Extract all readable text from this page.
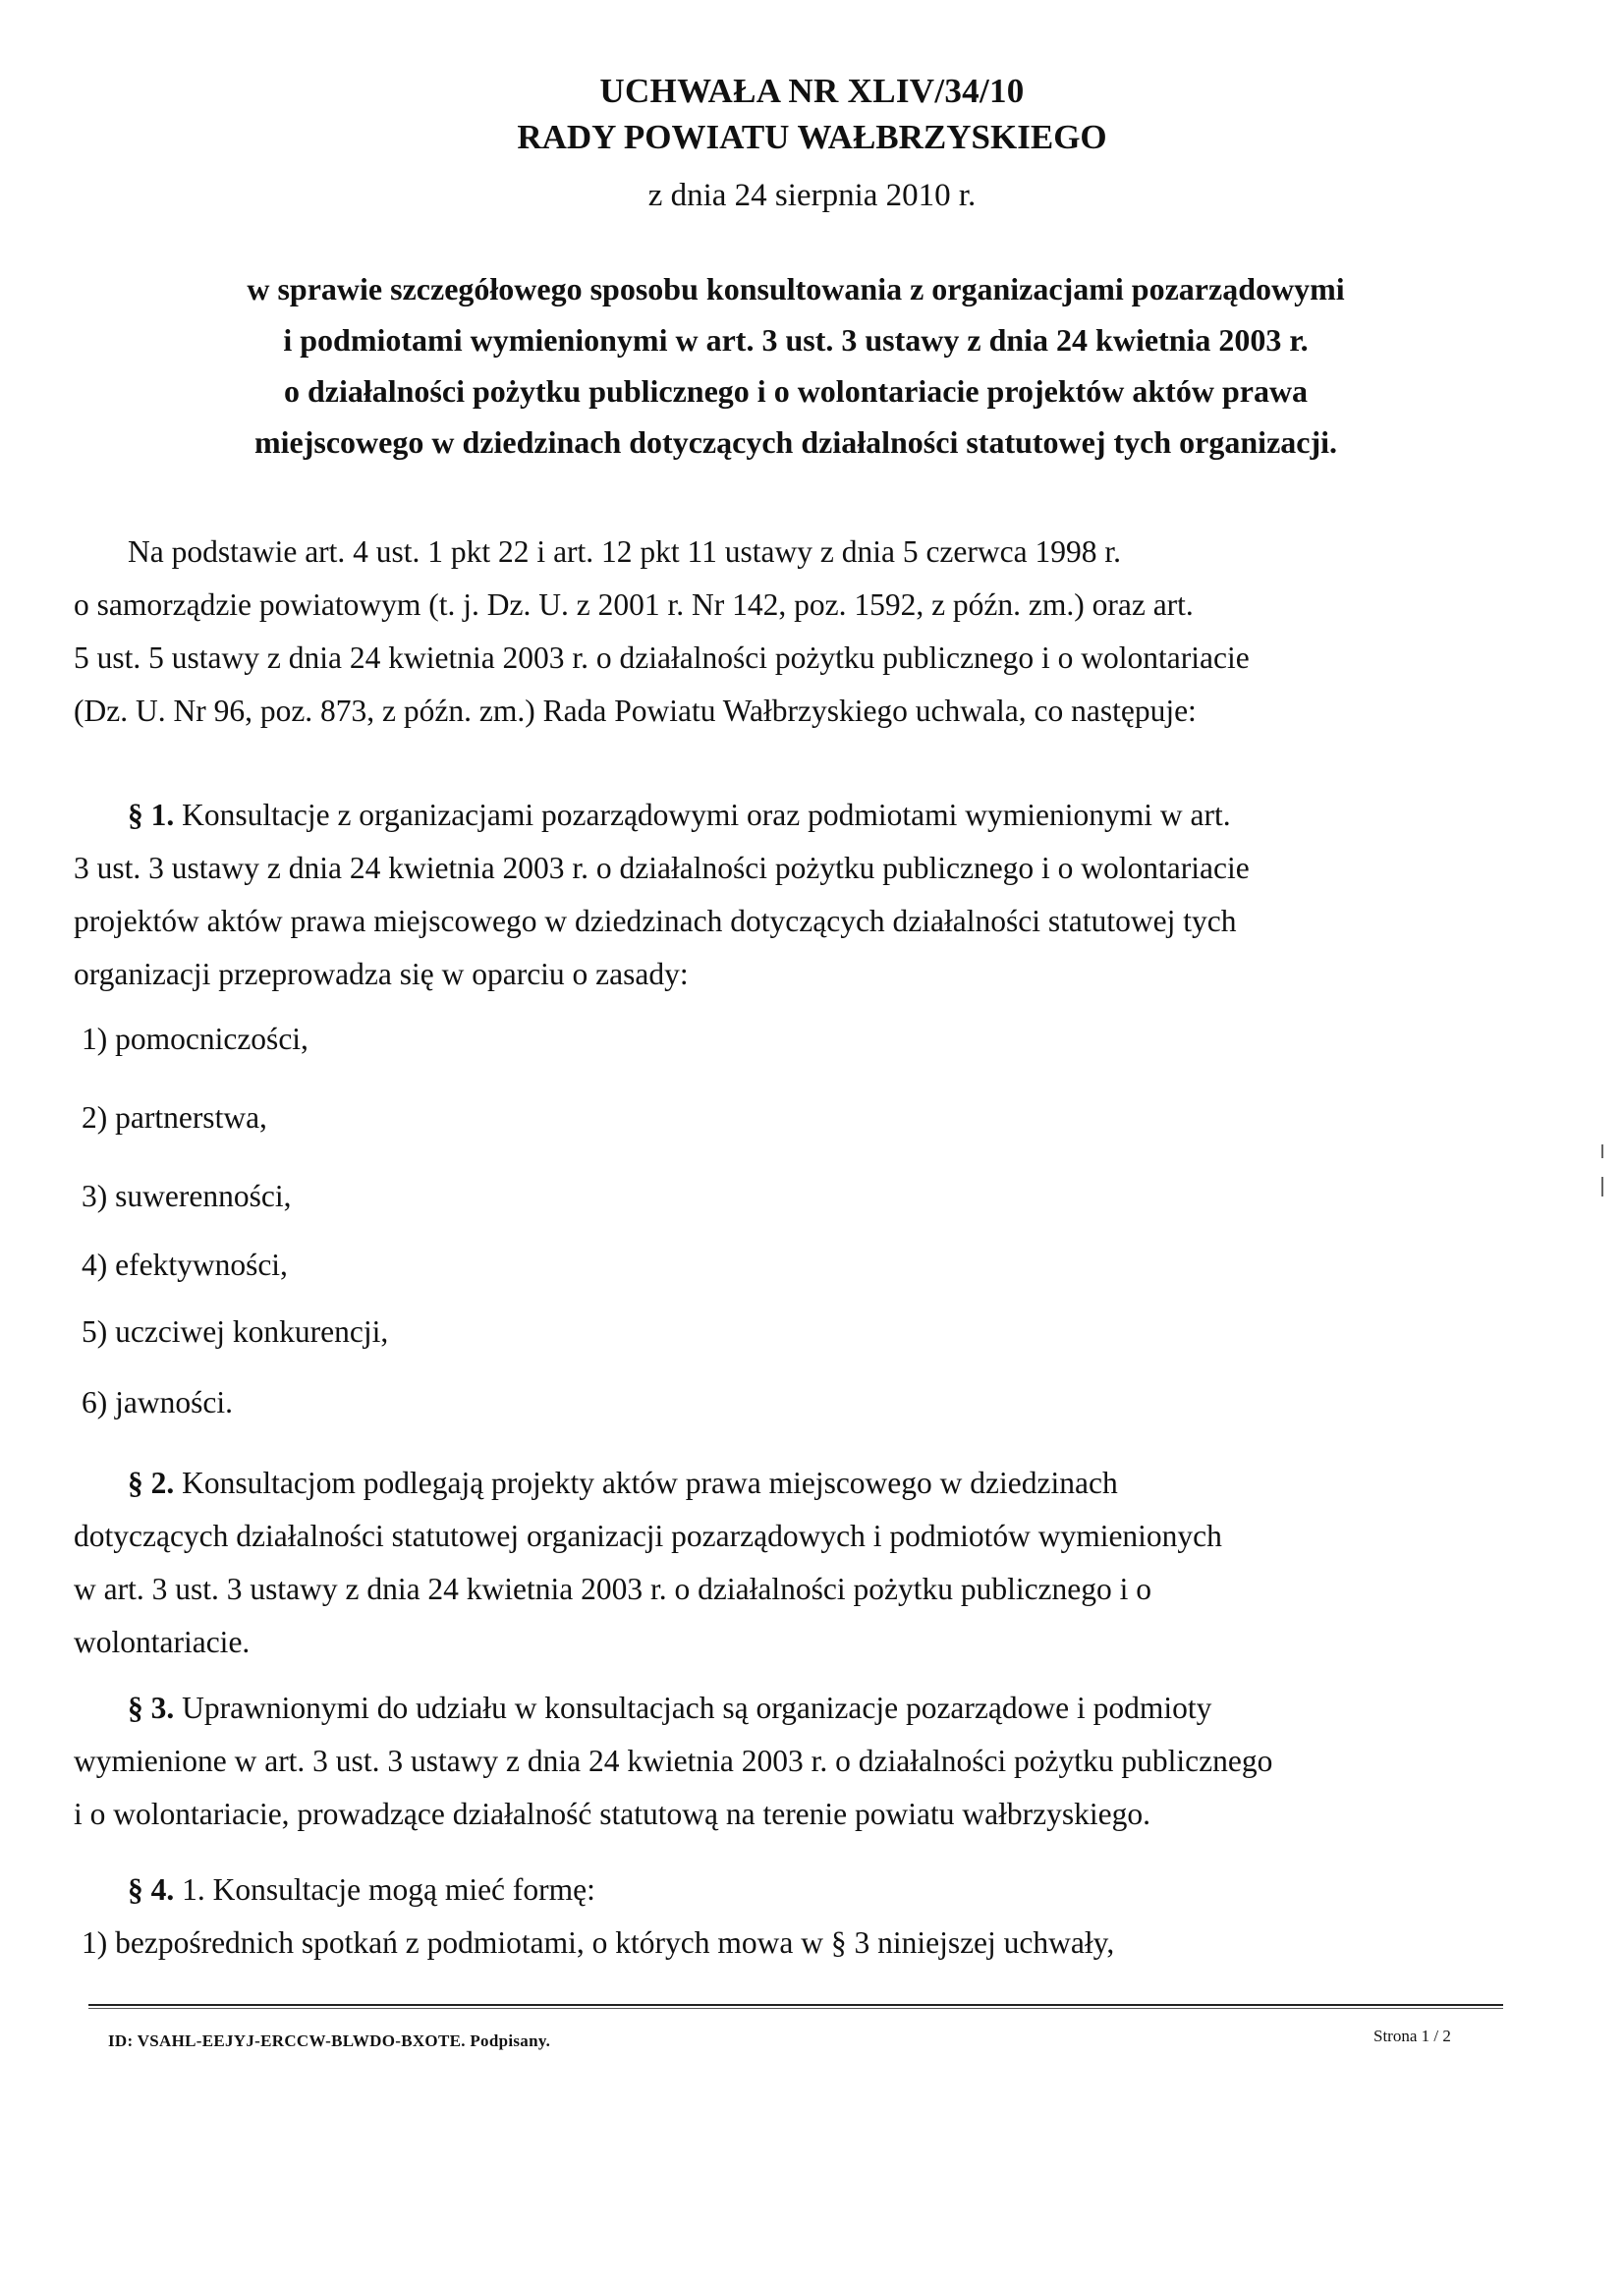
UCHWAŁA NR XLIV/34/10
RADY POWIATU WAŁBRZYSKIEGO
z dnia 24 sierpnia 2010 r.
w sprawie szczegółowego sposobu konsultowania z organizacjami pozarządowymi
i podmiotami wymienionymi w art. 3 ust. 3 ustawy z dnia 24 kwietnia 2003 r.
o działalności pożytku publicznego i o wolontariacie projektów aktów prawa
miejscowego w dziedzinach dotyczących działalności statutowej tych organizacji.
Na podstawie art. 4 ust. 1 pkt 22 i art. 12 pkt 11 ustawy z dnia 5 czerwca 1998 r.
o samorządzie powiatowym (t. j. Dz. U. z 2001 r. Nr 142, poz. 1592, z późn. zm.) oraz art.
5 ust. 5 ustawy z dnia 24 kwietnia 2003 r. o działalności pożytku publicznego i o wolontariacie
(Dz. U. Nr 96, poz. 873, z późn. zm.) Rada Powiatu Wałbrzyskiego uchwala, co następuje:
§ 1. Konsultacje z organizacjami pozarządowymi oraz podmiotami wymienionymi w art.
3 ust. 3 ustawy z dnia 24 kwietnia 2003 r. o działalności pożytku publicznego i o wolontariacie
projektów aktów prawa miejscowego w dziedzinach dotyczących działalności statutowej tych
organizacji przeprowadza się w oparciu o zasady:
1) pomocniczości,
2) partnerstwa,
3) suwerenności,
4) efektywności,
5) uczciwej konkurencji,
6) jawności.
§ 2. Konsultacjom podlegają projekty aktów prawa miejscowego w dziedzinach
dotyczących działalności statutowej organizacji pozarządowych i podmiotów wymienionych
w art. 3 ust. 3 ustawy z dnia 24 kwietnia 2003 r. o działalności pożytku publicznego i o
wolontariacie.
§ 3. Uprawnionymi do udziału w konsultacjach są organizacje pozarządowe i podmioty
wymienione w art. 3 ust. 3 ustawy z dnia 24 kwietnia 2003 r. o działalności pożytku publicznego
i o wolontariacie, prowadzące działalność statutową na terenie powiatu wałbrzyskiego.
§ 4. 1. Konsultacje mogą mieć formę:
1) bezpośrednich spotkań z podmiotami, o których mowa w § 3 niniejszej uchwały,
ID: VSAHL-EEJYJ-ERCCW-BLWDO-BXOTE. Podpisany.	Strona 1 / 2
